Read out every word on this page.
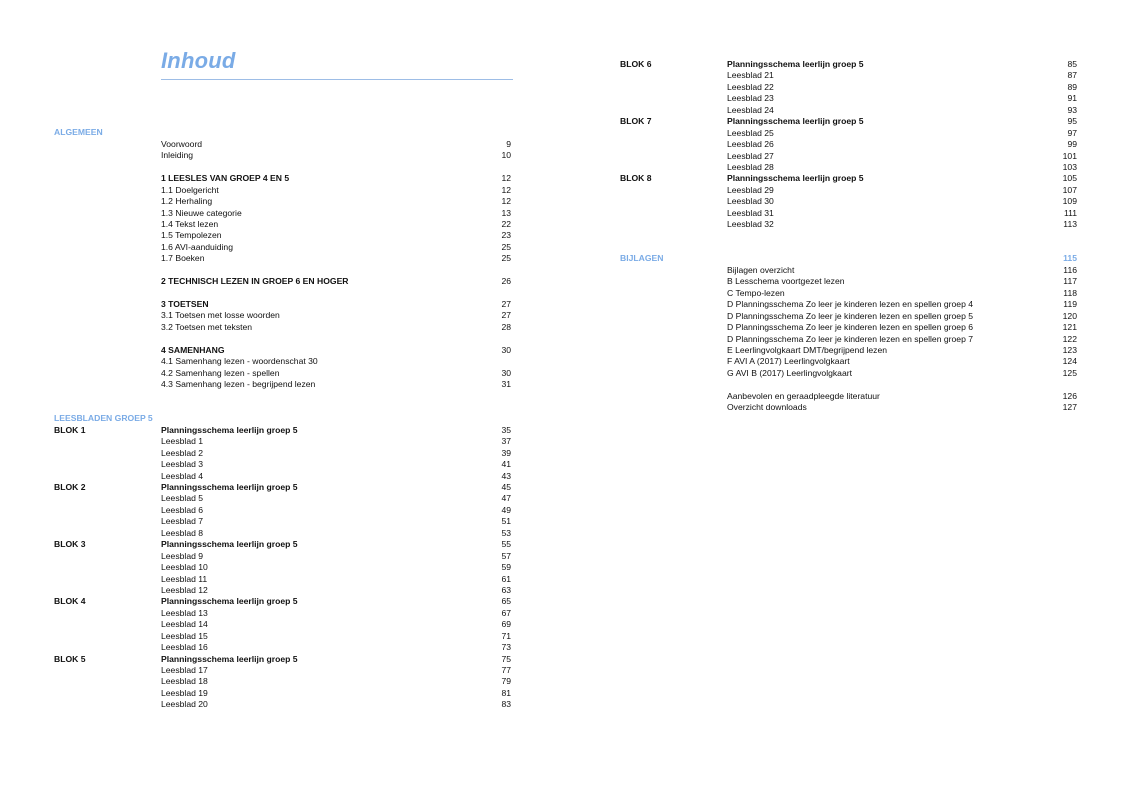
Inhoud
ALGEMEEN
Voorwoord	9
Inleiding	10
1 LEESLES VAN GROEP 4 EN 5	12
1.1 Doelgericht	12
1.2 Herhaling	12
1.3 Nieuwe categorie	13
1.4 Tekst lezen	22
1.5 Tempolezen	23
1.6 AVI-aanduiding	25
1.7 Boeken	25
2 TECHNISCH LEZEN IN GROEP 6 EN HOGER	26
3 TOETSEN	27
3.1 Toetsen met losse woorden	27
3.2 Toetsen met teksten	28
4 SAMENHANG	30
4.1 Samenhang lezen - woordenschat 30
4.2 Samenhang lezen - spellen	30
4.3 Samenhang lezen - begrijpend lezen	31
LEESBLADEN GROEP 5
BLOK 1	Planningsschema leerlijn groep 5	35
Leesblad 1	37
Leesblad 2	39
Leesblad 3	41
Leesblad 4	43
BLOK 2	Planningsschema leerlijn groep 5	45
Leesblad 5	47
Leesblad 6	49
Leesblad 7	51
Leesblad 8	53
BLOK 3	Planningsschema leerlijn groep 5	55
Leesblad 9	57
Leesblad 10	59
Leesblad 11	61
Leesblad 12	63
BLOK 4	Planningsschema leerlijn groep 5	65
Leesblad 13	67
Leesblad 14	69
Leesblad 15	71
Leesblad 16	73
BLOK 5	Planningsschema leerlijn groep 5	75
Leesblad 17	77
Leesblad 18	79
Leesblad 19	81
Leesblad 20	83
BLOK 6	Planningsschema leerlijn groep 5	85
Leesblad 21	87
Leesblad 22	89
Leesblad 23	91
Leesblad 24	93
BLOK 7	Planningsschema leerlijn groep 5	95
Leesblad 25	97
Leesblad 26	99
Leesblad 27	101
Leesblad 28	103
BLOK 8	Planningsschema leerlijn groep 5	105
Leesblad 29	107
Leesblad 30	109
Leesblad 31	111
Leesblad 32	113
BIJLAGEN	115
Bijlagen overzicht	116
B Lesschema voortgezet lezen	117
C Tempo-lezen	118
D Planningsschema Zo leer je kinderen lezen en spellen groep 4	119
D Planningsschema Zo leer je kinderen lezen en spellen groep 5	120
D Planningsschema Zo leer je kinderen lezen en spellen groep 6	121
D Planningsschema Zo leer je kinderen lezen en spellen groep 7	122
E Leerlingvolgkaart DMT/begrijpend lezen	123
F AVI A (2017) Leerlingvolgkaart	124
G AVI B (2017) Leerlingvolgkaart	125
Aanbevolen en geraadpleegde literatuur	126
Overzicht downloads	127
